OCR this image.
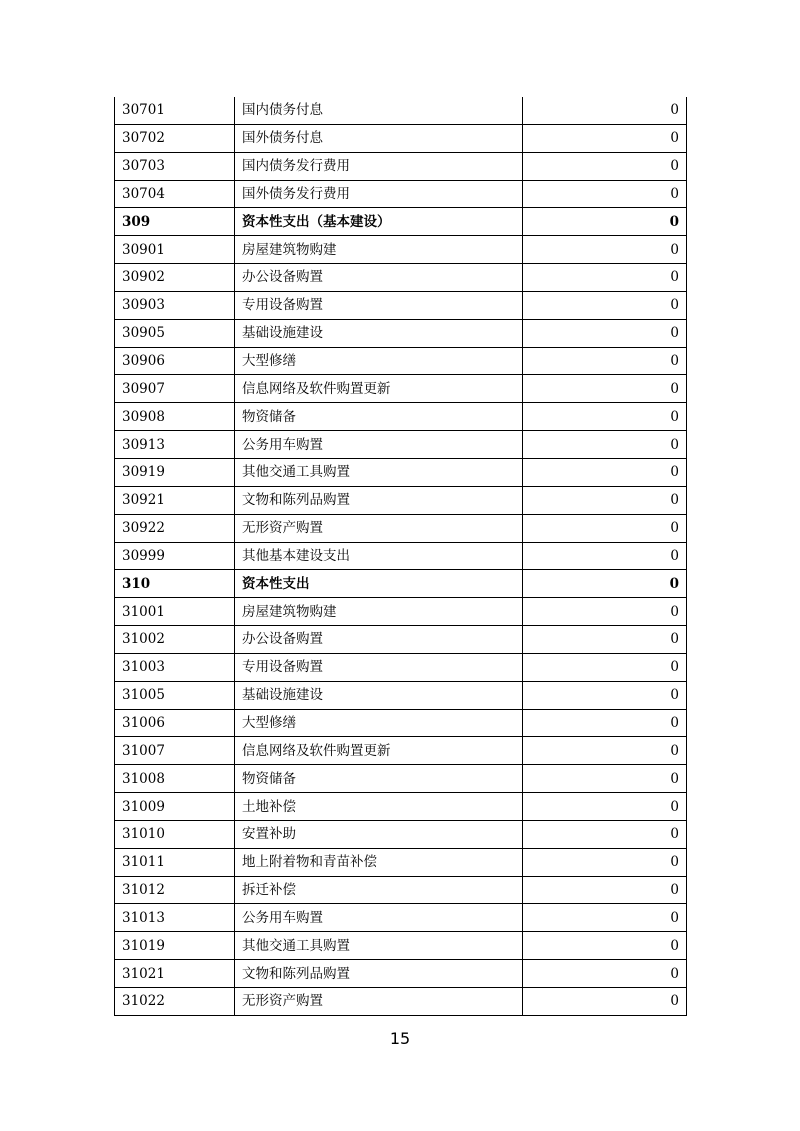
30701	国内债务付息	0
30702	国外债务付息	0
30703	国内债务发行费用	0
30704	国外债务发行费用	0
309	资本性支出（基本建设）	0
30901	房屋建筑物购建	0
30902	办公设备购置	0
30903	专用设备购置	0
30905	基础设施建设	0
30906	大型修缮	0
30907	信息网络及软件购置更新	0
30908	物资储备	0
30913	公务用车购置	0
30919	其他交通工具购置	0
30921	文物和陈列品购置	0
30922	无形资产购置	0
30999	其他基本建设支出	0
310	资本性支出	0
31001	房屋建筑物购建	0
31002	办公设备购置	0
31003	专用设备购置	0
31005	基础设施建设	0
31006	大型修缮	0
31007	信息网络及软件购置更新	0
31008	物资储备	0
31009	土地补偿	0
31010	安置补助	0
31011	地上附着物和青苗补偿	0
31012	拆迁补偿	0
31013	公务用车购置	0
31019	其他交通工具购置	0
31021	文物和陈列品购置	0
31022	无形资产购置	0
15
